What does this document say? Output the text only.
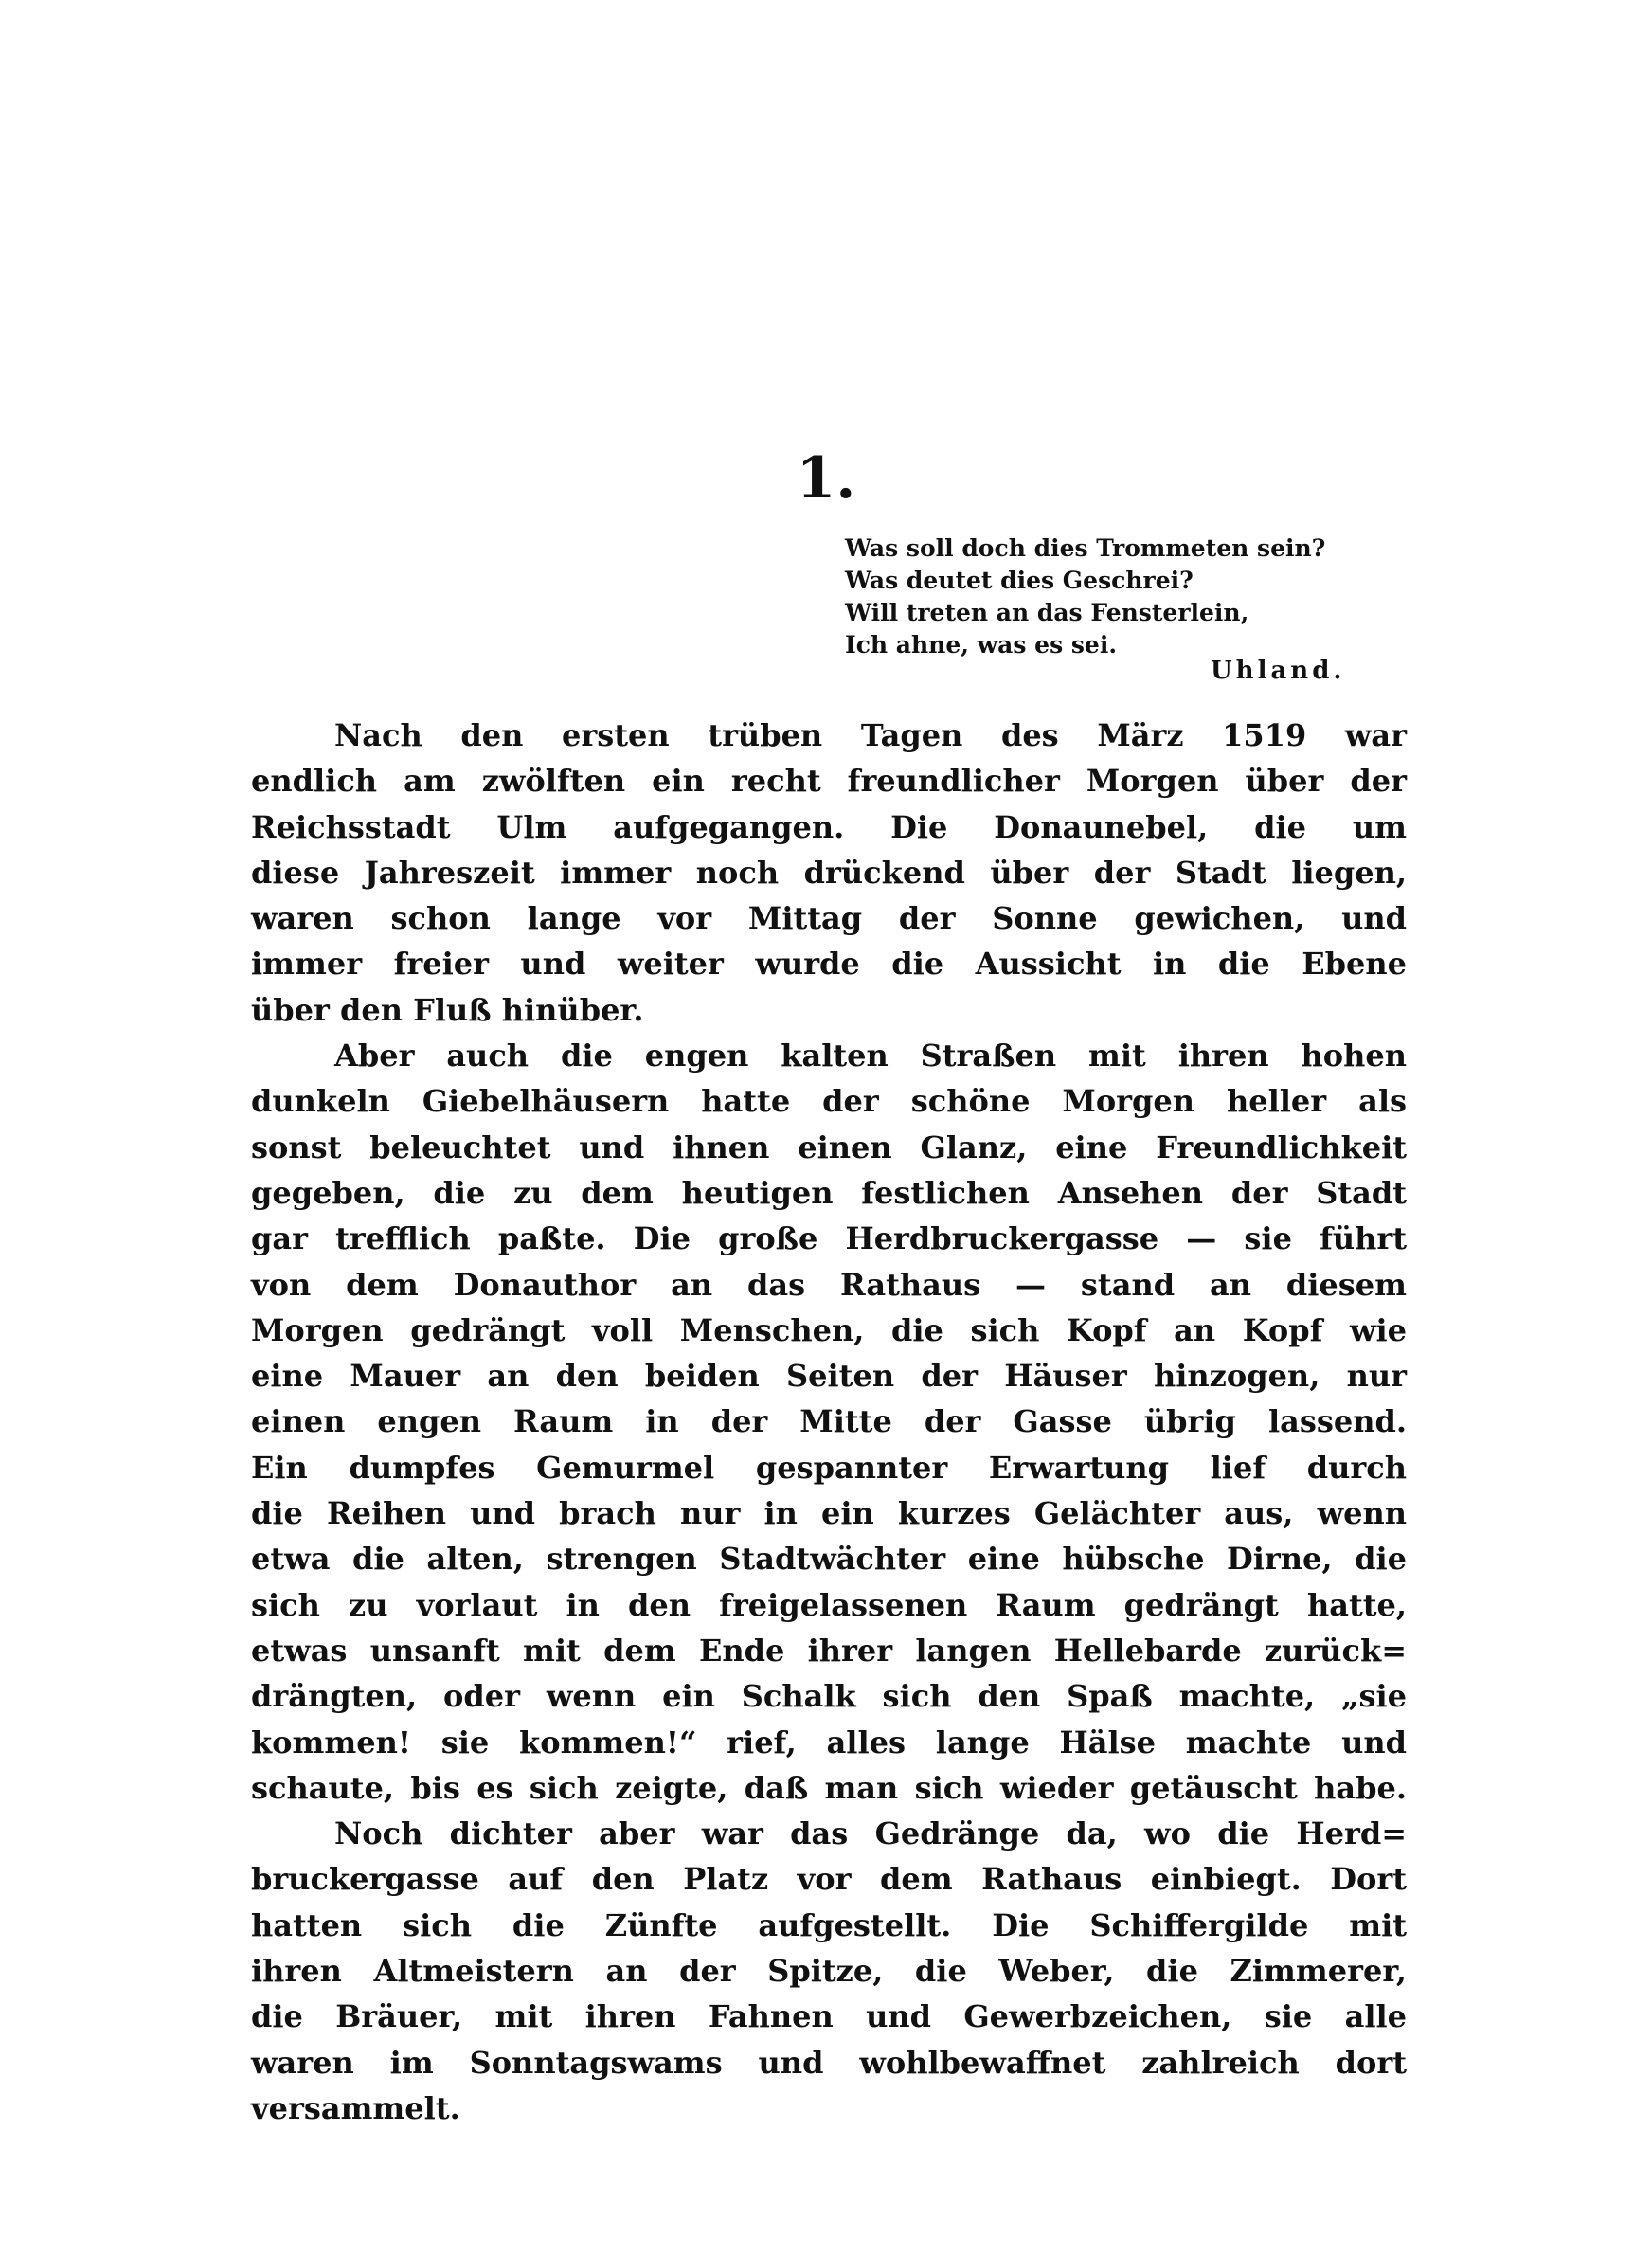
1.
Was soll doch dies Trommeten sein?
Was deutet dies Geschrei?
Will treten an das Fensterlein,
Ich ahne, was es sei.
Uhland.
Nach den ersten trüben Tagen des März 1519 war
endlich am zwölften ein recht freundlicher Morgen über der
Reichsstadt Ulm aufgegangen. Die Donaunebel, die um
diese Jahreszeit immer noch drückend über der Stadt liegen,
waren schon lange vor Mittag der Sonne gewichen, und
immer freier und weiter wurde die Aussicht in die Ebene
über den Fluß hinüber.
Aber auch die engen kalten Straßen mit ihren hohen
dunkeln Giebelhäusern hatte der schöne Morgen heller als
sonst beleuchtet und ihnen einen Glanz, eine Freundlichkeit
gegeben, die zu dem heutigen festlichen Ansehen der Stadt
gar trefflich paßte. Die große Herdbruckergasse — sie führt
von dem Donauthor an das Rathaus — stand an diesem
Morgen gedrängt voll Menschen, die sich Kopf an Kopf wie
eine Mauer an den beiden Seiten der Häuser hinzogen, nur
einen engen Raum in der Mitte der Gasse übrig lassend.
Ein dumpfes Gemurmel gespannter Erwartung lief durch
die Reihen und brach nur in ein kurzes Gelächter aus, wenn
etwa die alten, strengen Stadtwächter eine hübsche Dirne, die
sich zu vorlaut in den freigelassenen Raum gedrängt hatte,
etwas unsanft mit dem Ende ihrer langen Hellebarde zurück=
drängten, oder wenn ein Schalk sich den Spaß machte, „sie
kommen! sie kommen!“ rief, alles lange Hälse machte und
schaute, bis es sich zeigte, daß man sich wieder getäuscht habe.
Noch dichter aber war das Gedränge da, wo die Herd=
bruckergasse auf den Platz vor dem Rathaus einbiegt. Dort
hatten sich die Zünfte aufgestellt. Die Schiffergilde mit
ihren Altmeistern an der Spitze, die Weber, die Zimmerer,
die Bräuer, mit ihren Fahnen und Gewerbzeichen, sie alle
waren im Sonntagswams und wohlbewaffnet zahlreich dort
versammelt.
